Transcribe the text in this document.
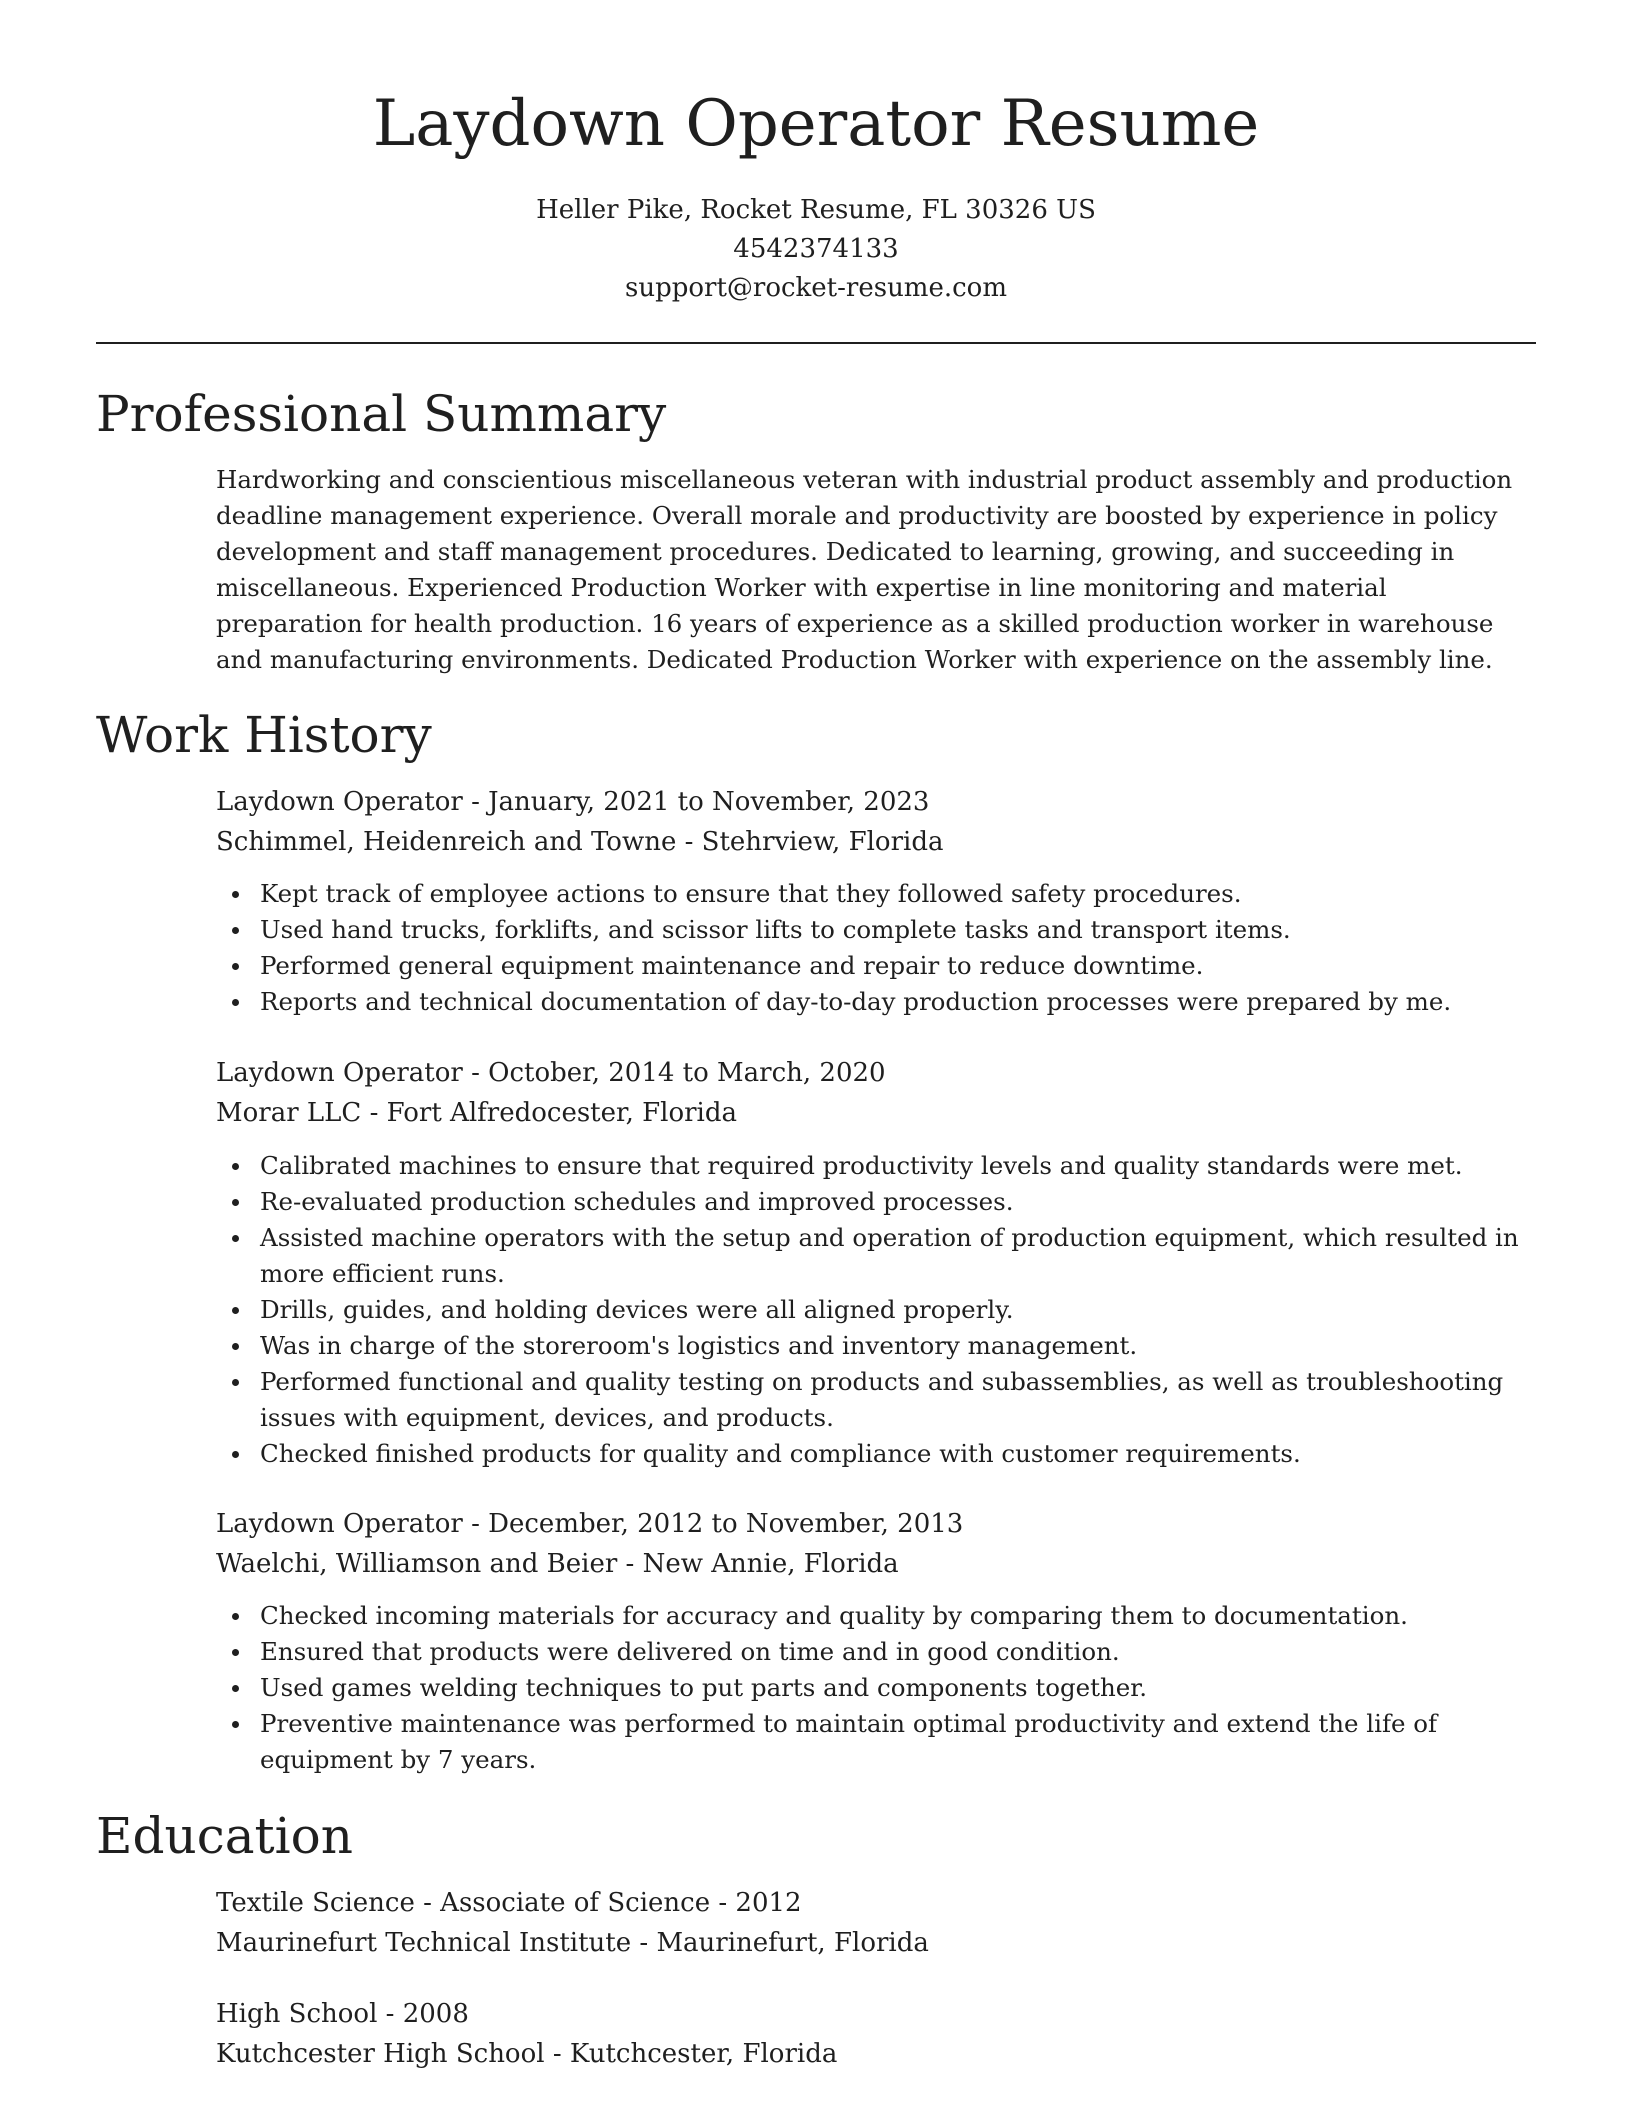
Laydown Operator Resume
Heller Pike, Rocket Resume, FL 30326 US
4542374133
support@rocket-resume.com
Professional Summary
Hardworking and conscientious miscellaneous veteran with industrial product assembly and production deadline management experience. Overall morale and productivity are boosted by experience in policy development and staff management procedures. Dedicated to learning, growing, and succeeding in miscellaneous. Experienced Production Worker with expertise in line monitoring and material preparation for health production. 16 years of experience as a skilled production worker in warehouse and manufacturing environments. Dedicated Production Worker with experience on the assembly line.
Work History
Laydown Operator - January, 2021 to November, 2023
Schimmel, Heidenreich and Towne - Stehrview, Florida
Kept track of employee actions to ensure that they followed safety procedures.
Used hand trucks, forklifts, and scissor lifts to complete tasks and transport items.
Performed general equipment maintenance and repair to reduce downtime.
Reports and technical documentation of day-to-day production processes were prepared by me.
Laydown Operator - October, 2014 to March, 2020
Morar LLC - Fort Alfredocester, Florida
Calibrated machines to ensure that required productivity levels and quality standards were met.
Re-evaluated production schedules and improved processes.
Assisted machine operators with the setup and operation of production equipment, which resulted in more efficient runs.
Drills, guides, and holding devices were all aligned properly.
Was in charge of the storeroom's logistics and inventory management.
Performed functional and quality testing on products and subassemblies, as well as troubleshooting issues with equipment, devices, and products.
Checked finished products for quality and compliance with customer requirements.
Laydown Operator - December, 2012 to November, 2013
Waelchi, Williamson and Beier - New Annie, Florida
Checked incoming materials for accuracy and quality by comparing them to documentation.
Ensured that products were delivered on time and in good condition.
Used games welding techniques to put parts and components together.
Preventive maintenance was performed to maintain optimal productivity and extend the life of equipment by 7 years.
Education
Textile Science - Associate of Science - 2012
Maurinefurt Technical Institute - Maurinefurt, Florida
High School - 2008
Kutchcester High School - Kutchcester, Florida
